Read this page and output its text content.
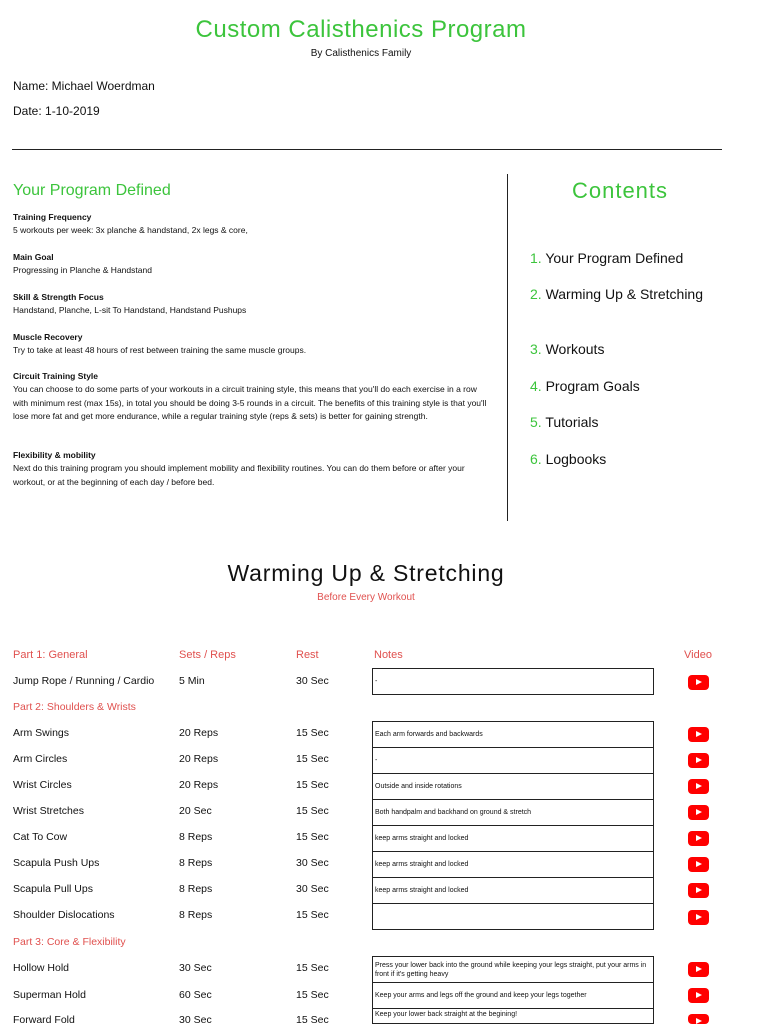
Custom Calisthenics Program
By Calisthenics Family
Name: Michael Woerdman
Date: 1-10-2019
Your Program Defined
Training Frequency
5 workouts per week: 3x planche & handstand, 2x legs & core,
Main Goal
Progressing in Planche & Handstand
Skill & Strength Focus
Handstand, Planche, L-sit To Handstand, Handstand Pushups
Muscle Recovery
Try to take at least 48 hours of rest between training the same muscle groups.
Circuit Training Style
You can choose to do some parts of your workouts in a circuit training style, this means that you'll do each exercise in a row with minimum rest (max 15s), in total you should be doing 3-5 rounds in a circuit. The benefits of this training style is that you'll lose more fat and get more endurance, while a regular training style (reps & sets) is better for gaining strength.
Flexibility & mobility
Next do this training program you should implement mobility and flexibility routines. You can do them before or after your workout, or at the beginning of each day / before bed.
Contents
1. Your Program Defined
2. Warming Up & Stretching
3. Workouts
4. Program Goals
5. Tutorials
6. Logbooks
Warming Up & Stretching
Before Every Workout
Part 1: General	Sets / Reps	Rest	Notes	Video
Jump Rope / Running / Cardio 5 Min	30 Sec	-
Part 2: Shoulders & Wrists
Arm Swings	20 Reps	15 Sec	Each arm forwards and backwards
Arm Circles	20 Reps	15 Sec	-
Wrist Circles	20 Reps	15 Sec	Outside and inside rotations
Wrist Stretches	20 Sec	15 Sec	Both handpalm and backhand on ground & stretch
Cat To Cow	8 Reps	15 Sec	keep arms straight and locked
Scapula Push Ups	8 Reps	30 Sec	keep arms straight and locked
Scapula Pull Ups	8 Reps	30 Sec	keep arms straight and locked
Shoulder Dislocations	8 Reps	15 Sec
Part 3: Core & Flexibility
Hollow Hold	30 Sec	15 Sec	Press your lower back into the ground while keeping your legs straight, put your arms in front if it's getting heavy
Superman Hold	60 Sec	15 Sec	Keep your arms and legs off the ground and keep your legs together
Forward Fold	30 Sec	15 Sec	Keep your lower back straight at the begining!
